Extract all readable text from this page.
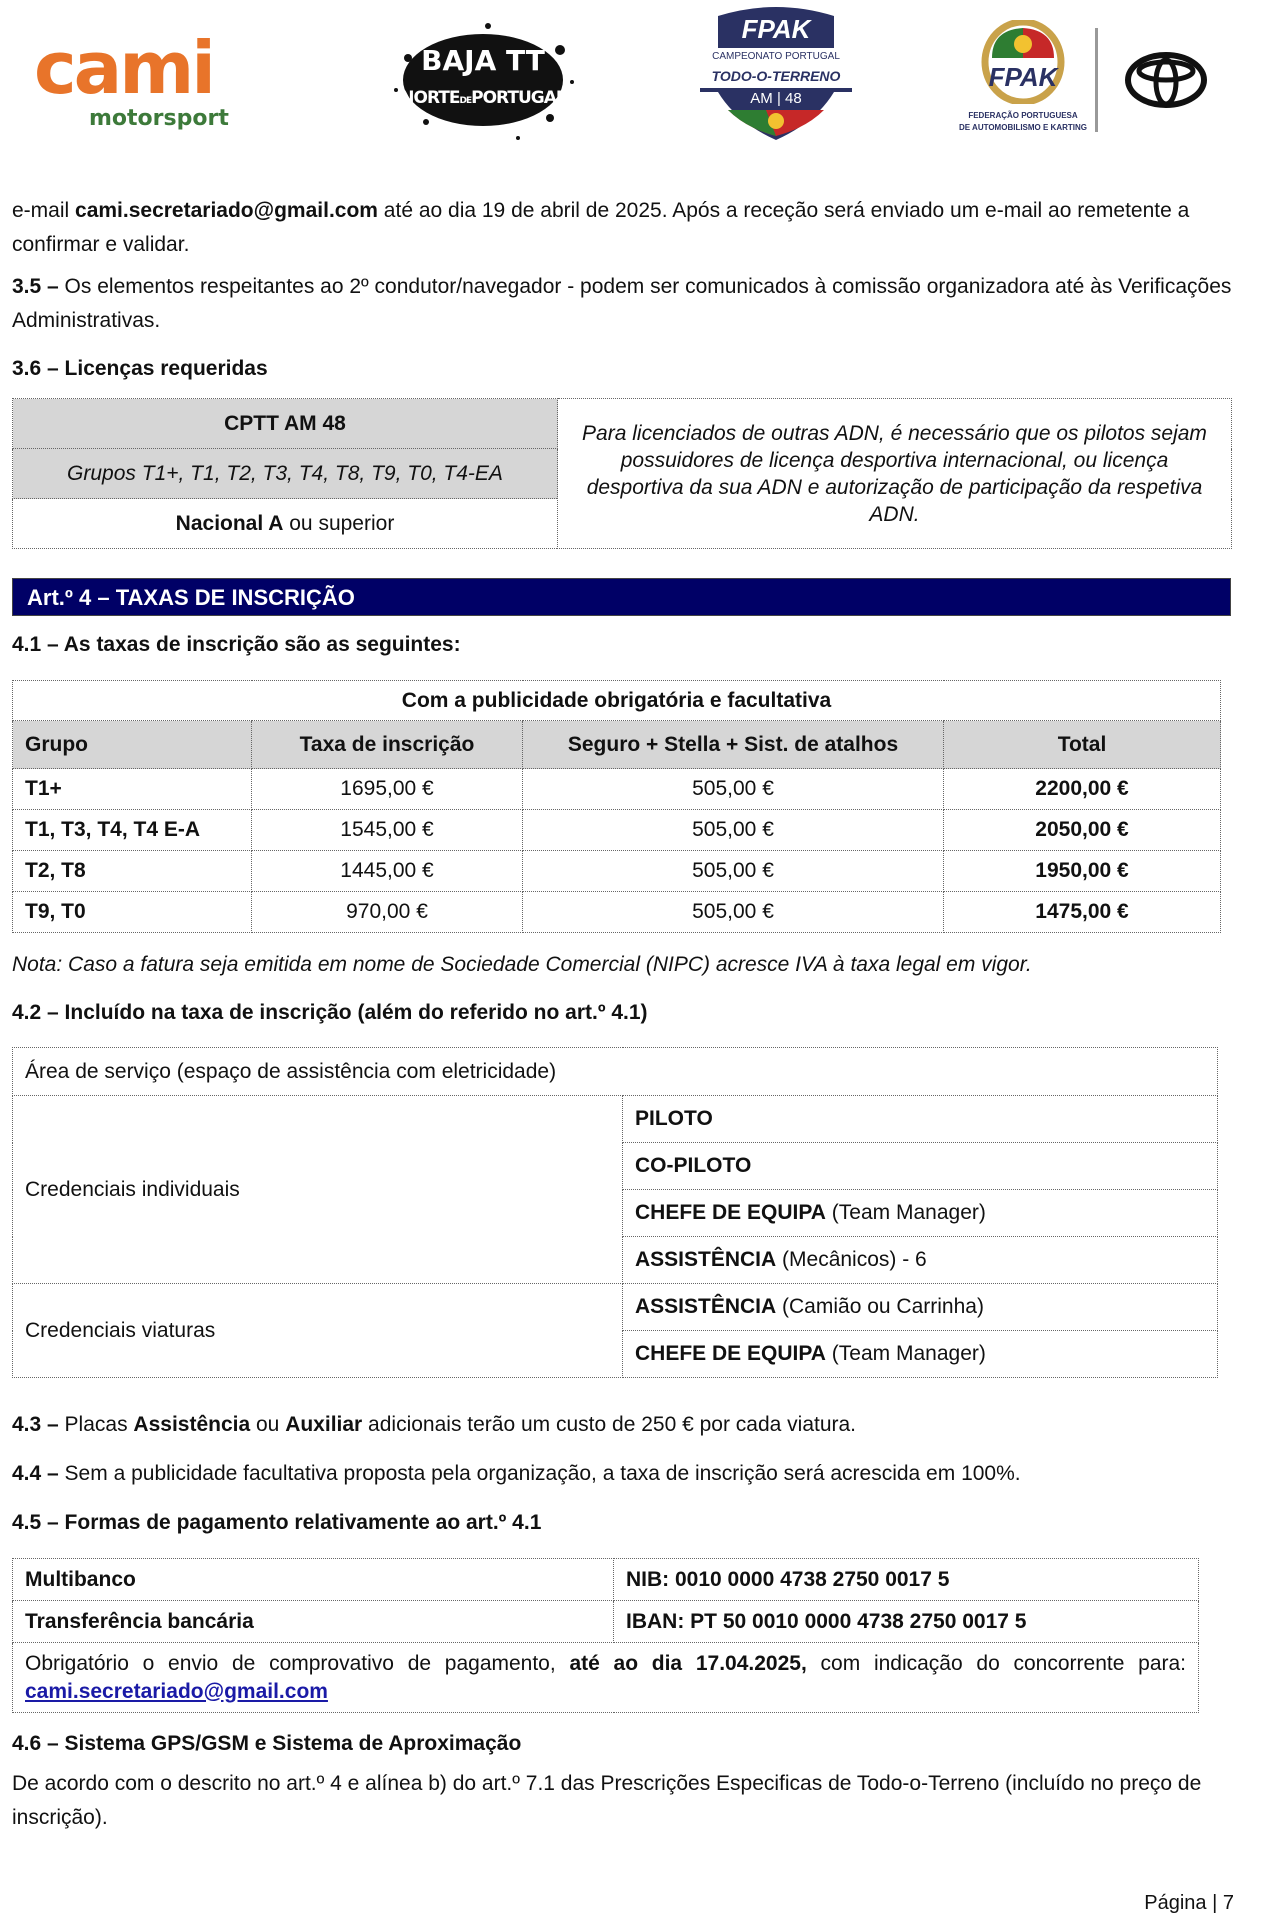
cami
motorsport
BAJA TT
NORTEDEPORTUGAL
FPAK
CAMPEONATO PORTUGAL
TODO-O-TERRENO
AM | 48
FPAK
FEDERAÇÃO PORTUGUESA
DE AUTOMOBILISMO E KARTING
e-mail cami.secretariado@gmail.com até ao dia 19 de abril de 2025. Após a receção será enviado um e-mail ao remetente a confirmar e validar.
3.5 – Os elementos respeitantes ao 2º condutor/navegador - podem ser comunicados à comissão organizadora até às Verificações Administrativas.
3.6 – Licenças requeridas
CPTT AM 48	Para licenciados de outras ADN, é necessário que os pilotos sejam possuidores de licença desportiva internacional, ou licença desportiva da sua ADN e autorização de participação da respetiva ADN.
Grupos T1+, T1, T2, T3, T4, T8, T9, T0, T4-EA
Nacional A ou superior
Art.º 4 – TAXAS DE INSCRIÇÃO
4.1 – As taxas de inscrição são as seguintes:
Com a publicidade obrigatória e facultativa			
Grupo	Taxa de inscrição	Seguro + Stella + Sist. de atalhos	Total
T1+	1695,00 €	505,00 €	2200,00 €
T1, T3, T4, T4 E-A	1545,00 €	505,00 €	2050,00 €
T2, T8	1445,00 €	505,00 €	1950,00 €
T9, T0	970,00 €	505,00 €	1475,00 €
Nota: Caso a fatura seja emitida em nome de Sociedade Comercial (NIPC) acresce IVA à taxa legal em vigor.
4.2 – Incluído na taxa de inscrição (além do referido no art.º 4.1)
Área de serviço (espaço de assistência com eletricidade)	
Credenciais individuais	PILOTO
	CO-PILOTO
	CHEFE DE EQUIPA (Team Manager)
	ASSISTÊNCIA (Mecânicos) - 6
Credenciais viaturas	ASSISTÊNCIA (Camião ou Carrinha)
	CHEFE DE EQUIPA (Team Manager)
4.3 – Placas Assistência ou Auxiliar adicionais terão um custo de 250 € por cada viatura.
4.4 – Sem a publicidade facultativa proposta pela organização, a taxa de inscrição será acrescida em 100%.
4.5 – Formas de pagamento relativamente ao art.º 4.1
Multibanco	NIB: 0010 0000 4738 2750 0017 5
Transferência bancária	IBAN: PT 50 0010 0000 4738 2750 0017 5
Obrigatório o envio de comprovativo de pagamento, até ao dia 17.04.2025, com indicação do concorrente para: cami.secretariado@gmail.com	
4.6 – Sistema GPS/GSM e Sistema de Aproximação
De acordo com o descrito no art.º 4 e alínea b) do art.º 7.1 das Prescrições Especificas de Todo-o-Terreno (incluído no preço de inscrição).
Página | 7
